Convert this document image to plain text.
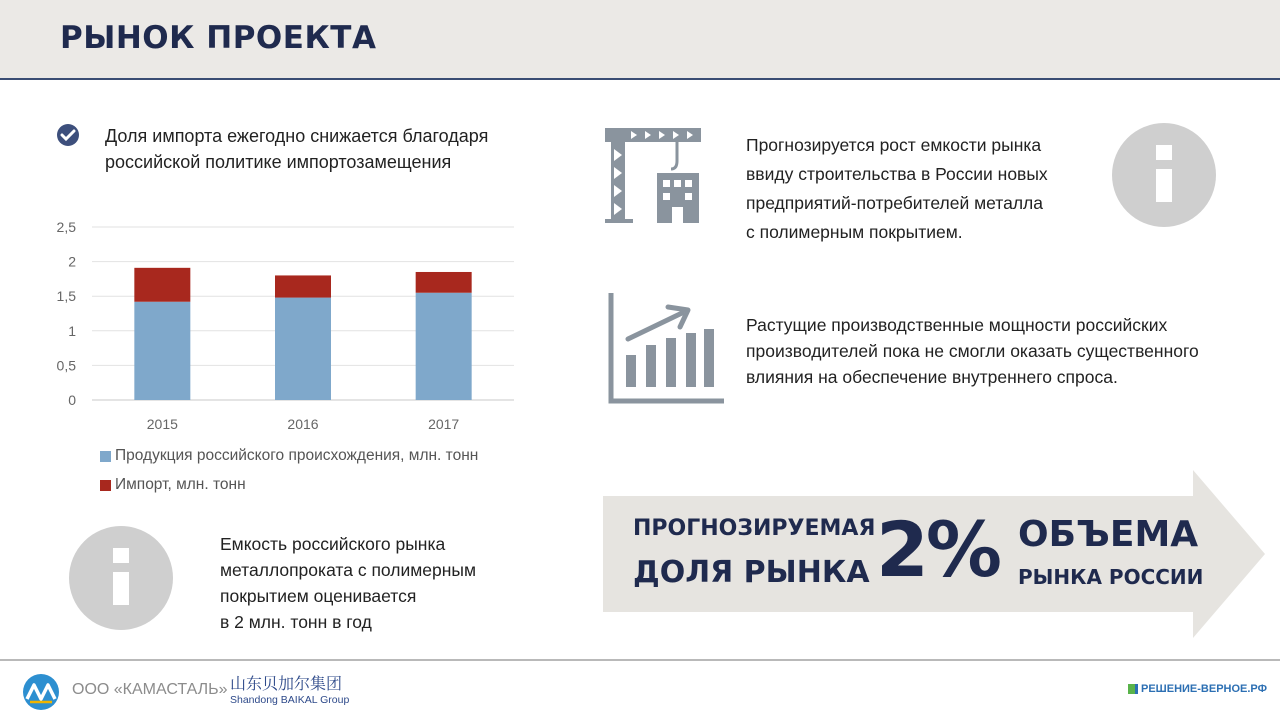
РЫНОК ПРОЕКТА
Доля импорта ежегодно снижается благодаря
российской политике импортозамещения
0
0,5
1
1,5
2
2,5
2015	2016	2017
Продукция российского происхождения, млн. тонн
Импорт, млн. тонн
Емкость российского рынка
металлопроката с полимерным
покрытием оценивается
в 2 млн. тонн в год
Прогнозируется рост емкости рынка
ввиду строительства в России новых
предприятий-потребителей металла
с полимерным покрытием.
Растущие производственные мощности российских
производителей пока не смогли оказать существенного
влияния на обеспечение внутреннего спроса.
ПРОГНОЗИРУЕМАЯ
ДОЛЯ РЫНКА 2% ОБЪЕМА
РЫНКА РОССИИ
ООО «КАМАСТАЛЬ» 山东贝加尔集团
Shandong BAIKAL Group
РЕШЕНИЕ-ВЕРНОЕ.РФ
